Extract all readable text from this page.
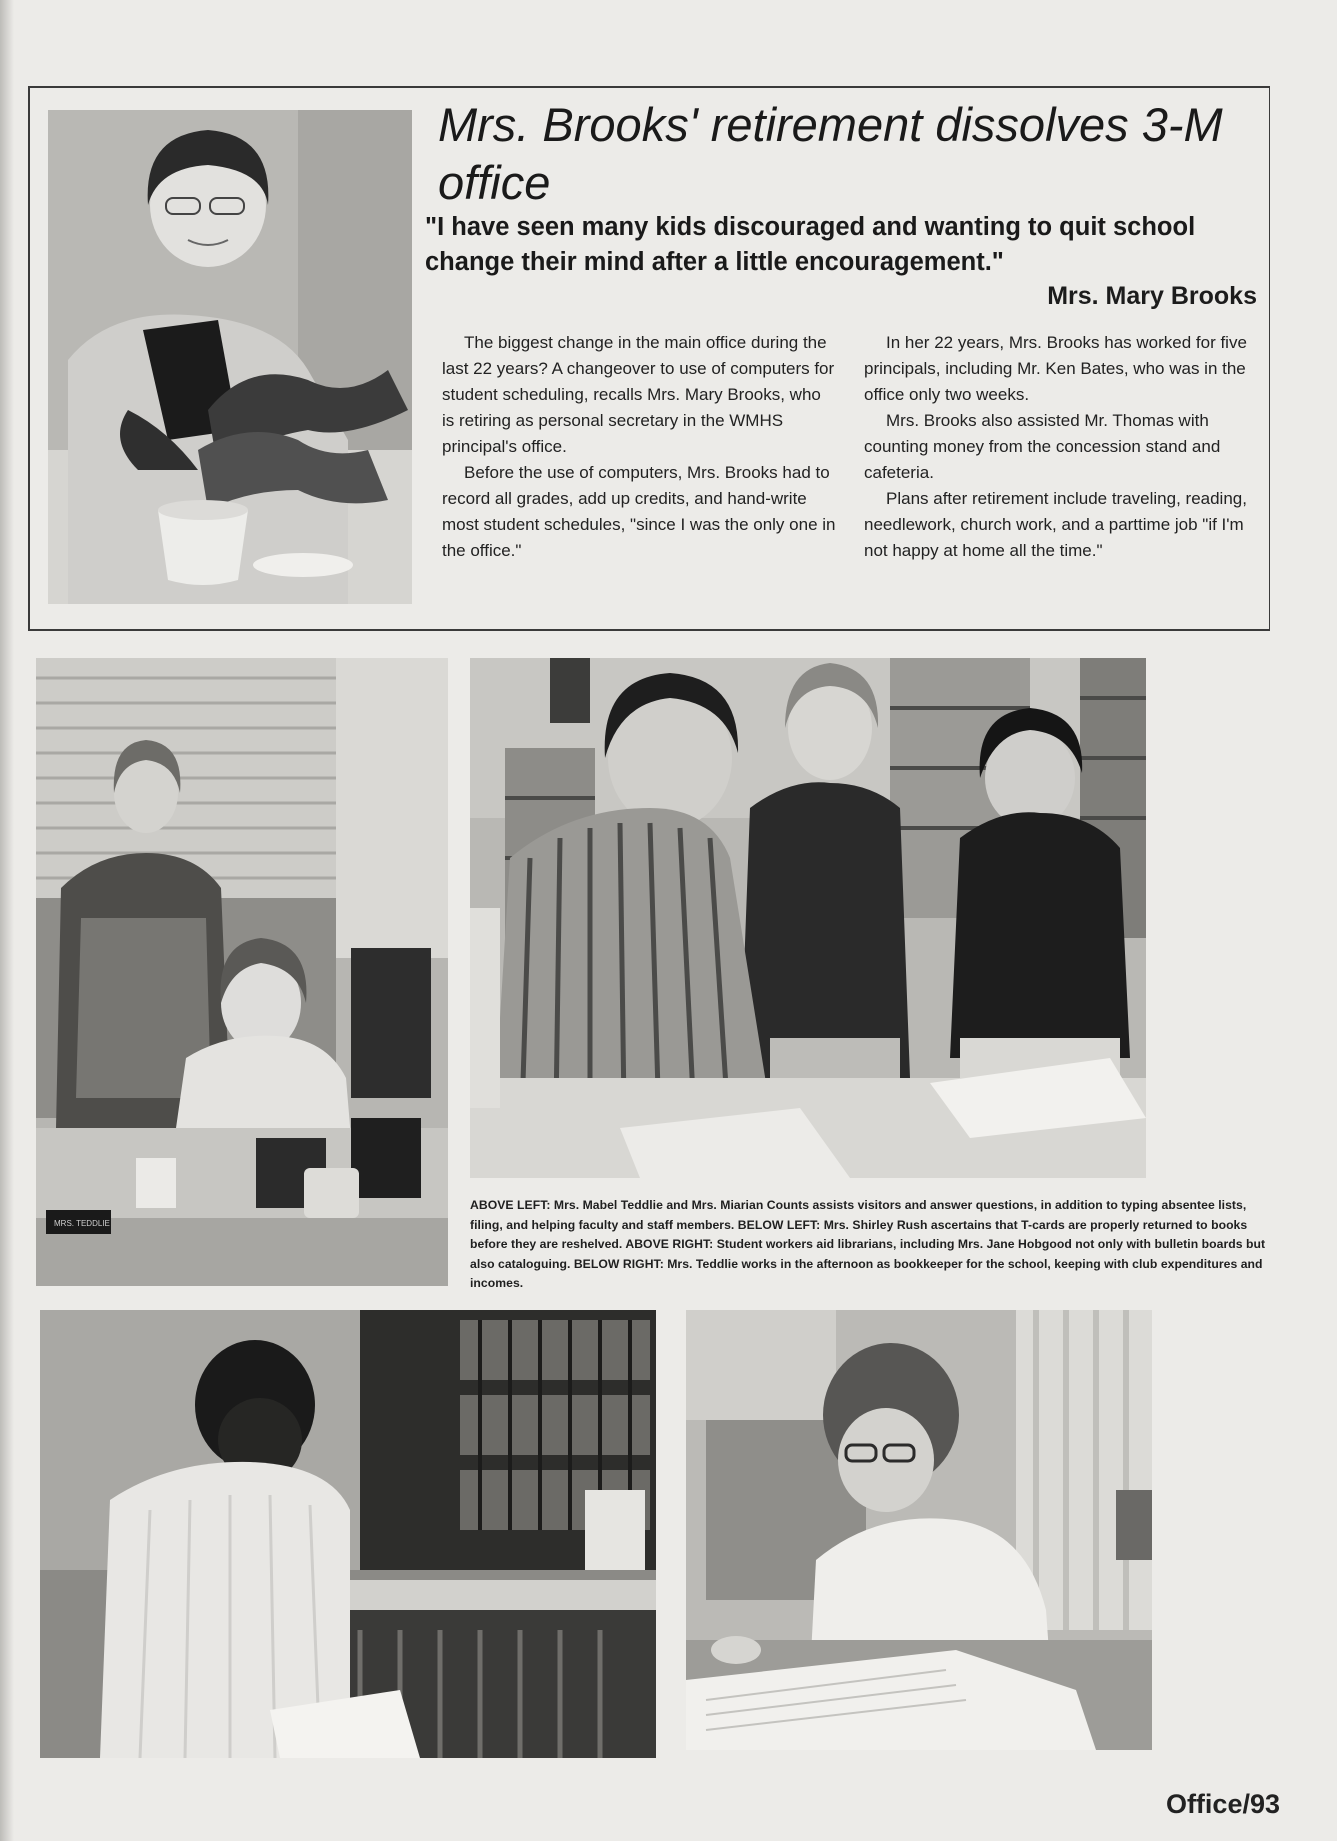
Mrs. Brooks' retirement dissolves 3-M office

"I have seen many kids discouraged and wanting to quit school change their mind after a little encouragement."

Mrs. Mary Brooks

The biggest change in the main office during the last 22 years? A changeover to use of computers for student scheduling, recalls Mrs. Mary Brooks, who is retiring as personal secretary in the WMHS principal's office.

Before the use of computers, Mrs. Brooks had to record all grades, add up credits, and hand-write most student schedules, "since I was the only one in the office."

In her 22 years, Mrs. Brooks has worked for five principals, including Mr. Ken Bates, who was in the office only two weeks.

Mrs. Brooks also assisted Mr. Thomas with counting money from the concession stand and cafeteria.

Plans after retirement include traveling, reading, needlework, church work, and a parttime job "if I'm not happy at home all the time."

MRS. TEDDLIE

ABOVE LEFT: Mrs. Mabel Teddlie and Mrs. Miarian Counts assists visitors and answer questions, in addition to typing absentee lists, filing, and helping faculty and staff members. BELOW LEFT: Mrs. Shirley Rush ascertains that T-cards are properly returned to books before they are reshelved. ABOVE RIGHT: Student workers aid librarians, including Mrs. Jane Hobgood not only with bulletin boards but also cataloguing. BELOW RIGHT: Mrs. Teddlie works in the afternoon as bookkeeper for the school, keeping with club expenditures and incomes.

Office/93
